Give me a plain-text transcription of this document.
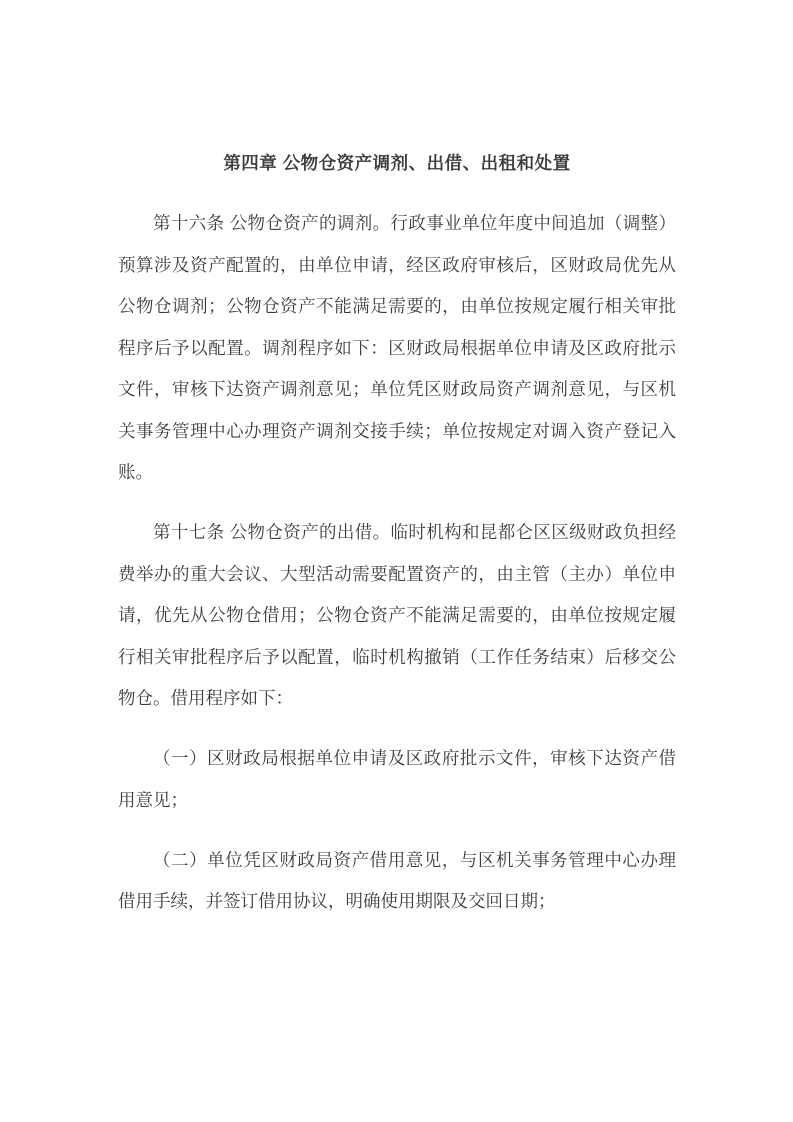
第四章 公物仓资产调剂、出借、出租和处置

第十六条 公物仓资产的调剂。行政事业单位年度中间追加（调整）预算涉及资产配置的，由单位申请，经区政府审核后，区财政局优先从公物仓调剂；公物仓资产不能满足需要的，由单位按规定履行相关审批程序后予以配置。调剂程序如下：区财政局根据单位申请及区政府批示文件，审核下达资产调剂意见；单位凭区财政局资产调剂意见，与区机关事务管理中心办理资产调剂交接手续；单位按规定对调入资产登记入账。

第十七条 公物仓资产的出借。临时机构和昆都仑区区级财政负担经费举办的重大会议、大型活动需要配置资产的，由主管（主办）单位申请，优先从公物仓借用；公物仓资产不能满足需要的，由单位按规定履行相关审批程序后予以配置，临时机构撤销（工作任务结束）后移交公物仓。借用程序如下：

（一）区财政局根据单位申请及区政府批示文件，审核下达资产借用意见；

（二）单位凭区财政局资产借用意见，与区机关事务管理中心办理借用手续，并签订借用协议，明确使用期限及交回日期；
